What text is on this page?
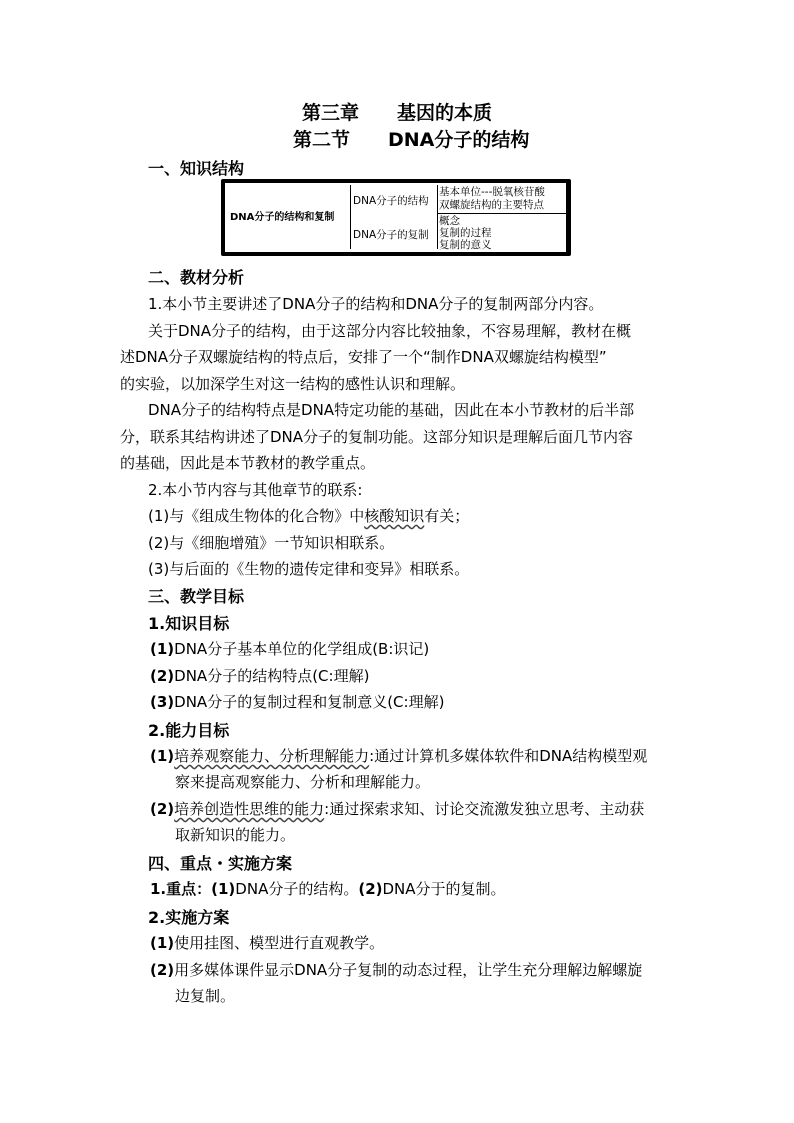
第三章　　基因的本质
第二节　　DNA分子的结构
一、知识结构
DNA分子的结构和复制
DNA分子的结构
DNA分子的复制
基本单位---脱氧核苷酸
双螺旋结构的主要特点
概念
复制的过程
复制的意义
二、教材分析
1.本小节主要讲述了DNA分子的结构和DNA分子的复制两部分内容。
关于DNA分子的结构，由于这部分内容比较抽象，不容易理解，教材在概
述DNA分子双螺旋结构的特点后，安排了一个“制作DNA双螺旋结构模型”
的实验，以加深学生对这一结构的感性认识和理解。
DNA分子的结构特点是DNA特定功能的基础，因此在本小节教材的后半部
分，联系其结构讲述了DNA分子的复制功能。这部分知识是理解后面几节内容
的基础，因此是本节教材的教学重点。
2.本小节内容与其他章节的联系:
(1)与《组成生物体的化合物》中核酸知识有关；
(2)与《细胞增殖》一节知识相联系。
(3)与后面的《生物的遗传定律和变异》相联系。
三、教学目标
1.知识目标
(1)DNA分子基本单位的化学组成(B:识记)
(2)DNA分子的结构特点(C:理解)
(3)DNA分子的复制过程和复制意义(C:理解)
2.能力目标
(1)培养观察能力、分析理解能力:通过计算机多媒体软件和DNA结构模型观
察来提高观察能力、分析和理解能力。
(2)培养创造性思维的能力:通过探索求知、讨论交流激发独立思考、主动获
取新知识的能力。
四、重点・实施方案
1.重点：(1)DNA分子的结构。(2)DNA分于的复制。
2.实施方案
(1)使用挂图、模型进行直观教学。
(2)用多媒体课件显示DNA分子复制的动态过程，让学生充分理解边解螺旋
边复制。
